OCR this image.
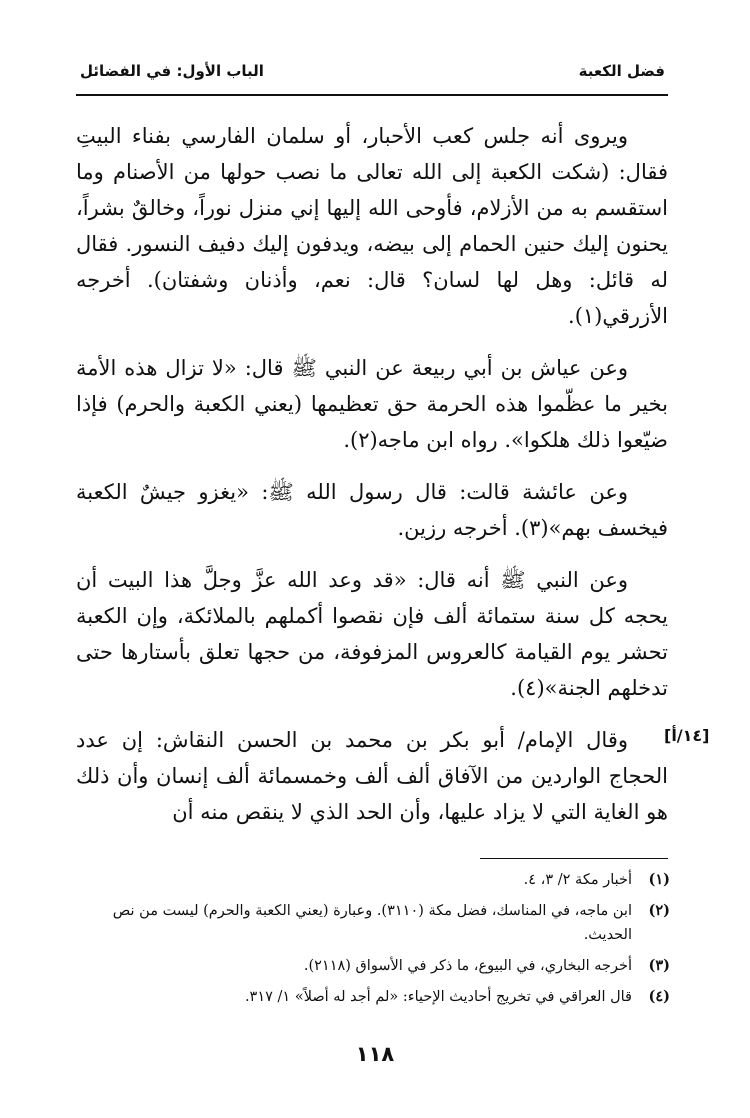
فضل الكعبة
الباب الأول: في الفضائل

ويروى أنه جلس كعب الأحبار، أو سلمان الفارسي بفناء البيتِ فقال: (شكت الكعبة إلى الله تعالى ما نصب حولها من الأصنام وما استقسم به من الأزلام، فأوحى الله إليها إني منزل نوراً، وخالقٌ بشراً، يحنون إليك حنين الحمام إلى بيضه، ويدفون إليك دفيف النسور. فقال له قائل: وهل لها لسان؟ قال: نعم، وأذنان وشفتان). أخرجه الأزرقي(١).

وعن عياش بن أبي ربيعة عن النبي ﷺ قال: «لا تزال هذه الأمة بخير ما عظّموا هذه الحرمة حق تعظيمها (يعني الكعبة والحرم) فإذا ضيّعوا ذلك هلكوا». رواه ابن ماجه(٢).

وعن عائشة قالت: قال رسول الله ﷺ: «يغزو جيشٌ الكعبة فيخسف بهم»(٣). أخرجه رزين.

وعن النبي ﷺ أنه قال: «قد وعد الله عزَّ وجلَّ هذا البيت أن يحجه كل سنة ستمائة ألف فإن نقصوا أكملهم بالملائكة، وإن الكعبة تحشر يوم القيامة كالعروس المزفوفة، من حجها تعلق بأستارها حتى تدخلهم الجنة»(٤).

وقال الإمام/ أبو بكر بن محمد بن الحسن النقاش: إن عدد الحجاج الواردين من الآفاق ألف ألف وخمسمائة ألف إنسان وأن ذلك هو الغاية التي لا يزاد عليها، وأن الحد الذي لا ينقص منه أن

[١٤/أ]
(١)
أخبار مكة ٢/ ٣، ٤.
(٢)
ابن ماجه، في المناسك، فضل مكة (٣١١٠). وعبارة (يعني الكعبة والحرم) ليست من نص الحديث.
(٣)
أخرجه البخاري، في البيوع، ما ذكر في الأسواق (٢١١٨).
(٤)
قال العراقي في تخريج أحاديث الإحياء: «لم أجد له أصلاً» ١/ ٣١٧.
١١٨
